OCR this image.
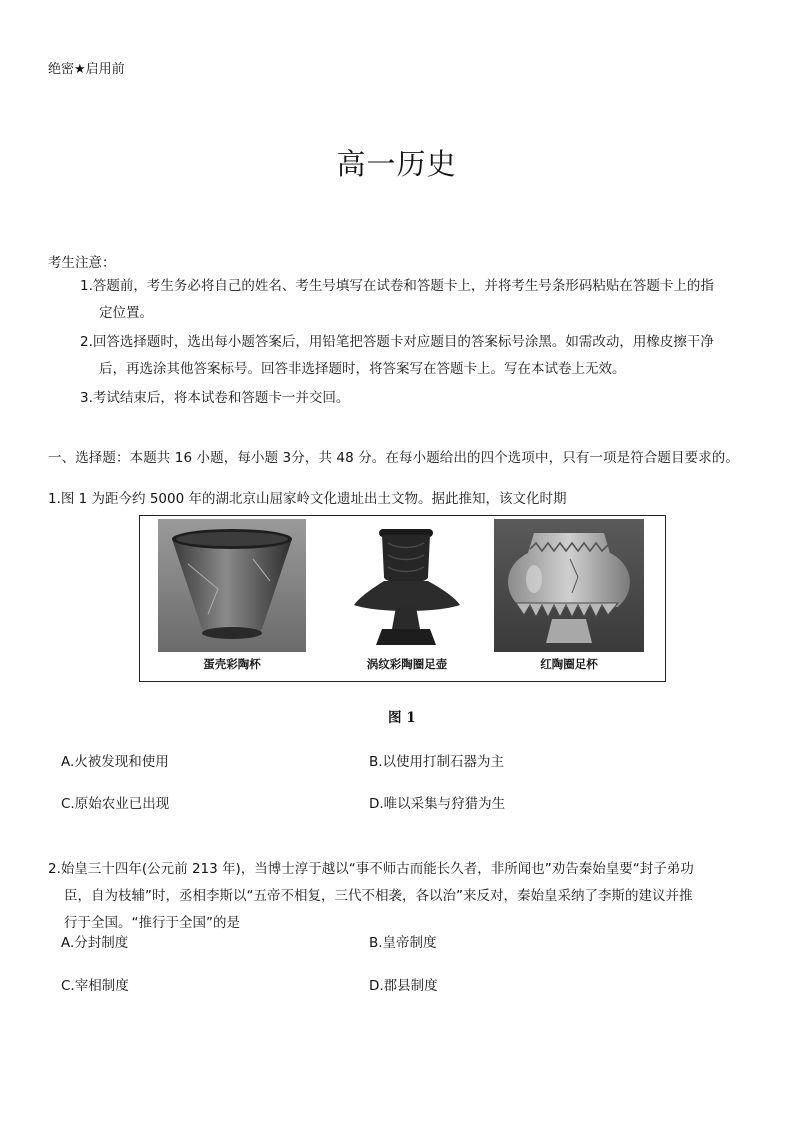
绝密★启用前
高一历史
考生注意：
1.答题前，考生务必将自己的姓名、考生号填写在试卷和答题卡上，并将考生号条形码粘贴在答题卡上的指
定位置。
2.回答选择题时，选出每小题答案后，用铅笔把答题卡对应题目的答案标号涂黑。如需改动，用橡皮擦干净
后，再选涂其他答案标号。回答非选择题时，将答案写在答题卡上。写在本试卷上无效。
3.考试结束后，将本试卷和答题卡一并交回。
一、选择题：本题共 16 小题，每小题 3分，共 48 分。在每小题给出的四个选项中，只有一项是符合题目要求的。
1.图 1 为距今约 5000 年的湖北京山屈家岭文化遗址出土文物。据此推知，该文化时期
蛋壳彩陶杯	涡纹彩陶圈足壶	红陶圈足杯
图 1
A.火被发现和使用	B.以使用打制石器为主
C.原始农业已出现	D.唯以采集与狩猎为生
2.始皇三十四年(公元前 213 年)，当博士淳于越以“事不师古而能长久者，非所闻也”劝告秦始皇要“封子弟功
臣，自为枝辅”时，丞相李斯以“五帝不相复，三代不相袭，各以治”来反对，秦始皇采纳了李斯的建议并推
行于全国。“推行于全国”的是
A.分封制度	B.皇帝制度
C.宰相制度	D.郡县制度
